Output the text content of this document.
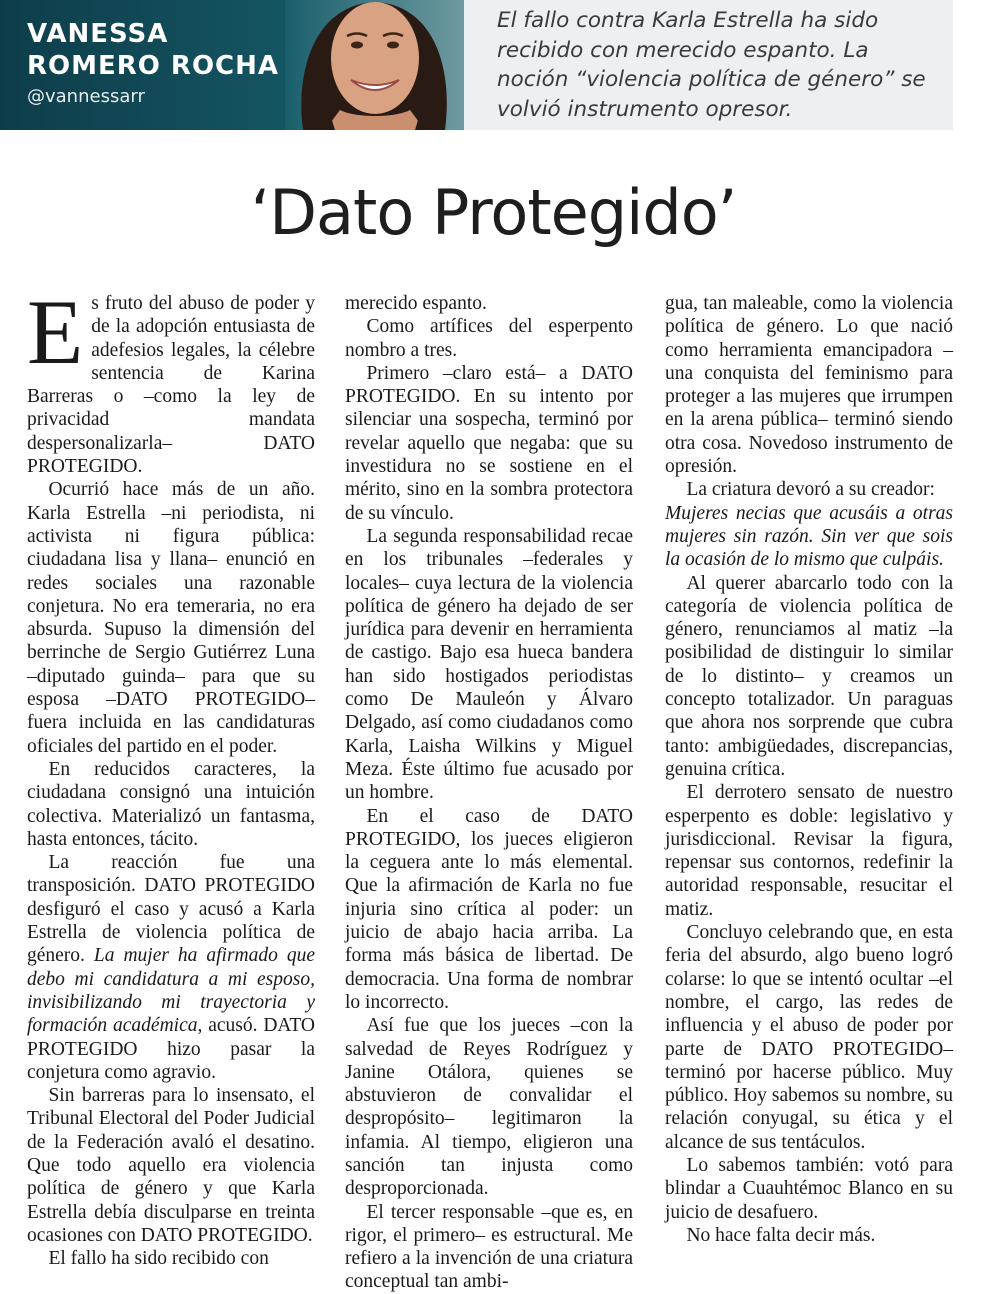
VANESSA
ROMERO ROCHA
@vannessarr
El fallo contra Karla Estrella ha sido recibido con merecido espanto. La noción “violencia política de género” se volvió instrumento opresor.
‘Dato Protegido’

Es fruto del abuso de poder y de la adopción entusiasta de adefesios legales, la célebre sentencia de Karina Barreras o –como la ley de privacidad mandata despersonalizarla– DATO PROTEGIDO.

Ocurrió hace más de un año. Karla Estrella –ni periodista, ni activista ni figura pública: ciudadana lisa y llana– enunció en redes sociales una razonable conjetura. No era temeraria, no era absurda. Supuso la dimensión del berrinche de Sergio Gutiérrez Luna –diputado guinda– para que su esposa –DATO PROTEGIDO– fuera incluida en las candidaturas oficiales del partido en el poder.

En reducidos caracteres, la ciudadana consignó una intuición colectiva. Materializó un fantasma, hasta entonces, tácito.

La reacción fue una transposición. DATO PROTEGIDO desfiguró el caso y acusó a Karla Estrella de violencia política de género. La mujer ha afirmado que debo mi candidatura a mi esposo, invisibilizando mi trayectoria y formación académica, acusó. DATO PROTEGIDO hizo pasar la conjetura como agravio.

Sin barreras para lo insensato, el Tribunal Electoral del Poder Judicial de la Federación avaló el desatino. Que todo aquello era violencia política de género y que Karla Estrella debía disculparse en treinta ocasiones con DATO PROTEGIDO.

El fallo ha sido recibido con

merecido espanto.

Como artífices del esperpento nombro a tres.

Primero –claro está– a DATO PROTEGIDO. En su intento por silenciar una sospecha, terminó por revelar aquello que negaba: que su investidura no se sostiene en el mérito, sino en la sombra protectora de su vínculo.

La segunda responsabilidad recae en los tribunales –federales y locales– cuya lectura de la violencia política de género ha dejado de ser jurídica para devenir en herramienta de castigo. Bajo esa hueca bandera han sido hostigados periodistas como De Mauleón y Álvaro Delgado, así como ciudadanos como Karla, Laisha Wilkins y Miguel Meza. Éste último fue acusado por un hombre.

En el caso de DATO PROTEGIDO, los jueces eligieron la ceguera ante lo más elemental. Que la afirmación de Karla no fue injuria sino crítica al poder: un juicio de abajo hacia arriba. La forma más básica de libertad. De democracia. Una forma de nombrar lo incorrecto.

Así fue que los jueces –con la salvedad de Reyes Rodríguez y Janine Otálora, quienes se abstuvieron de convalidar el despropósito– legitimaron la infamia. Al tiempo, eligieron una sanción tan injusta como desproporcionada.

El tercer responsable –que es, en rigor, el primero– es estructural. Me refiero a la invención de una criatura conceptual tan ambi-

gua, tan maleable, como la violencia política de género. Lo que nació como herramienta emancipadora –una conquista del feminismo para proteger a las mujeres que irrumpen en la arena pública– terminó siendo otra cosa. Novedoso instrumento de opresión.

La criatura devoró a su creador:

Mujeres necias que acusáis a otras mujeres sin razón. Sin ver que sois la ocasión de lo mismo que culpáis.

Al querer abarcarlo todo con la categoría de violencia política de género, renunciamos al matiz –la posibilidad de distinguir lo similar de lo distinto– y creamos un concepto totalizador. Un paraguas que ahora nos sorprende que cubra tanto: ambigüedades, discrepancias, genuina crítica.

El derrotero sensato de nuestro esperpento es doble: legislativo y jurisdiccional. Revisar la figura, repensar sus contornos, redefinir la autoridad responsable, resucitar el matiz.

Concluyo celebrando que, en esta feria del absurdo, algo bueno logró colarse: lo que se intentó ocultar –el nombre, el cargo, las redes de influencia y el abuso de poder por parte de DATO PROTEGIDO– terminó por hacerse público. Muy público. Hoy sabemos su nombre, su relación conyugal, su ética y el alcance de sus tentáculos.

Lo sabemos también: votó para blindar a Cuauhtémoc Blanco en su juicio de desafuero.

No hace falta decir más.
